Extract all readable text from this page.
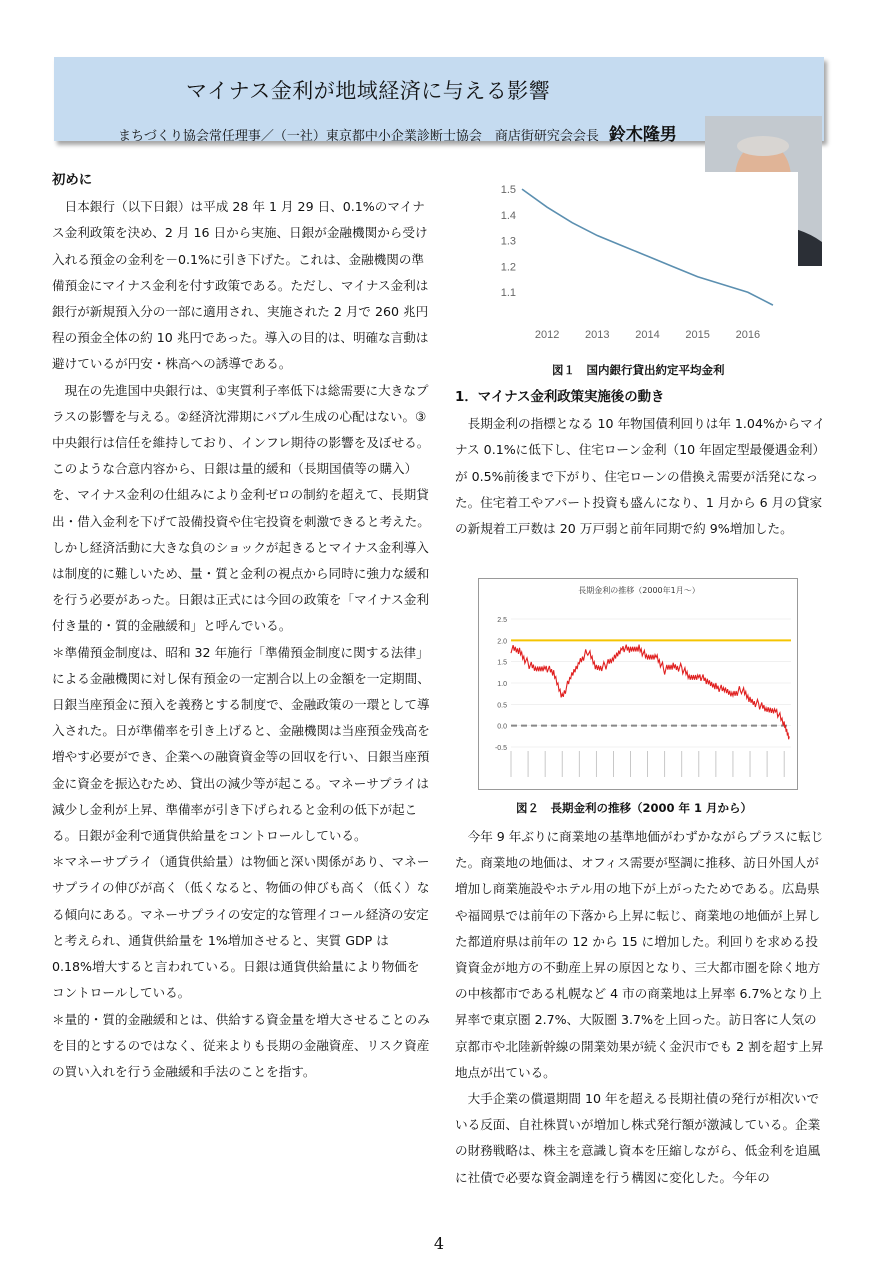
マイナス金利が地域経済に与える影響
まちづくり協会常任理事／（一社）東京都中小企業診断士協会　商店街研究会会長 鈴木隆男

初めに

日本銀行（以下日銀）は平成 28 年 1 月 29 日、0.1%のマイナス金利政策を決め、2 月 16 日から実施、日銀が金融機関から受け入れる預金の金利を－0.1%に引き下げた。これは、金融機関の準備預金にマイナス金利を付す政策である。ただし、マイナス金利は銀行が新規預入分の一部に適用され、実施された 2 月で 260 兆円程の預金全体の約 10 兆円であった。導入の目的は、明確な言動は避けているが円安・株高への誘導である。

現在の先進国中央銀行は、①実質利子率低下は総需要に大きなプラスの影響を与える。②経済沈滞期にバブル生成の心配はない。③中央銀行は信任を維持しており、インフレ期待の影響を及ぼせる。このような合意内容から、日銀は量的緩和（長期国債等の購入）を、マイナス金利の仕組みにより金利ゼロの制約を超えて、長期貸出・借入金利を下げて設備投資や住宅投資を刺激できると考えた。しかし経済活動に大きな負のショックが起きるとマイナス金利導入は制度的に難しいため、量・質と金利の視点から同時に強力な緩和を行う必要があった。日銀は正式には今回の政策を「マイナス金利付き量的・質的金融緩和」と呼んでいる。

＊準備預金制度は、昭和 32 年施行「準備預金制度に関する法律」による金融機関に対し保有預金の一定割合以上の金額を一定期間、日銀当座預金に預入を義務とする制度で、金融政策の一環として導入された。日が準備率を引き上げると、金融機関は当座預金残高を増やす必要ができ、企業への融資資金等の回収を行い、日銀当座預金に資金を振込むため、貸出の減少等が起こる。マネーサプライは減少し金利が上昇、準備率が引き下げられると金利の低下が起こる。日銀が金利で通貨供給量をコントロールしている。

＊マネーサプライ（通貨供給量）は物価と深い関係があり、マネーサプライの伸びが高く（低くなると、物価の伸びも高く（低く）なる傾向にある。マネーサプライの安定的な管理イコール経済の安定と考えられ、通貨供給量を 1%増加させると、実質 GDP は 0.18%増大すると言われている。日銀は通貨供給量により物価をコントロールしている。

＊量的・質的金融緩和とは、供給する資金量を増大させることのみを目的とするのではなく、従来よりも長期の金融資産、リスク資産の買い入れを行う金融緩和手法のことを指す。

1.5
1.4
1.3
1.2
1.1
2012 2013 2014 2015 2016
図１　国内銀行貸出約定平均金利

1．マイナス金利政策実施後の動き

長期金利の指標となる 10 年物国債利回りは年 1.04%からマイナス 0.1%に低下し、住宅ローン金利（10 年固定型最優遇金利）が 0.5%前後まで下がり、住宅ローンの借換え需要が活発になった。住宅着工やアパート投資も盛んになり、1 月から 6 月の貸家の新規着工戸数は 20 万戸弱と前年同期で約 9%増加した。

長期金利の推移（2000年1月～）
2.5
2.0
1.5
1.0
0.5
0.0
-0.5
図２　長期金利の推移（2000 年 1 月から）

今年 9 年ぶりに商業地の基準地価がわずかながらプラスに転じた。商業地の地価は、オフィス需要が堅調に推移、訪日外国人が増加し商業施設やホテル用の地下が上がったためである。広島県や福岡県では前年の下落から上昇に転じ、商業地の地価が上昇した都道府県は前年の 12 から 15 に増加した。利回りを求める投資資金が地方の不動産上昇の原因となり、三大都市圏を除く地方の中核都市である札幌など 4 市の商業地は上昇率 6.7%となり上昇率で東京圏 2.7%、大阪圏 3.7%を上回った。訪日客に人気の京都市や北陸新幹線の開業効果が続く金沢市でも 2 割を超す上昇地点が出ている。

大手企業の償還期間 10 年を超える長期社債の発行が相次いでいる反面、自社株買いが増加し株式発行額が激減している。企業の財務戦略は、株主を意識し資本を圧縮しながら、低金利を追風に社債で必要な資金調達を行う構図に変化した。今年の

4
